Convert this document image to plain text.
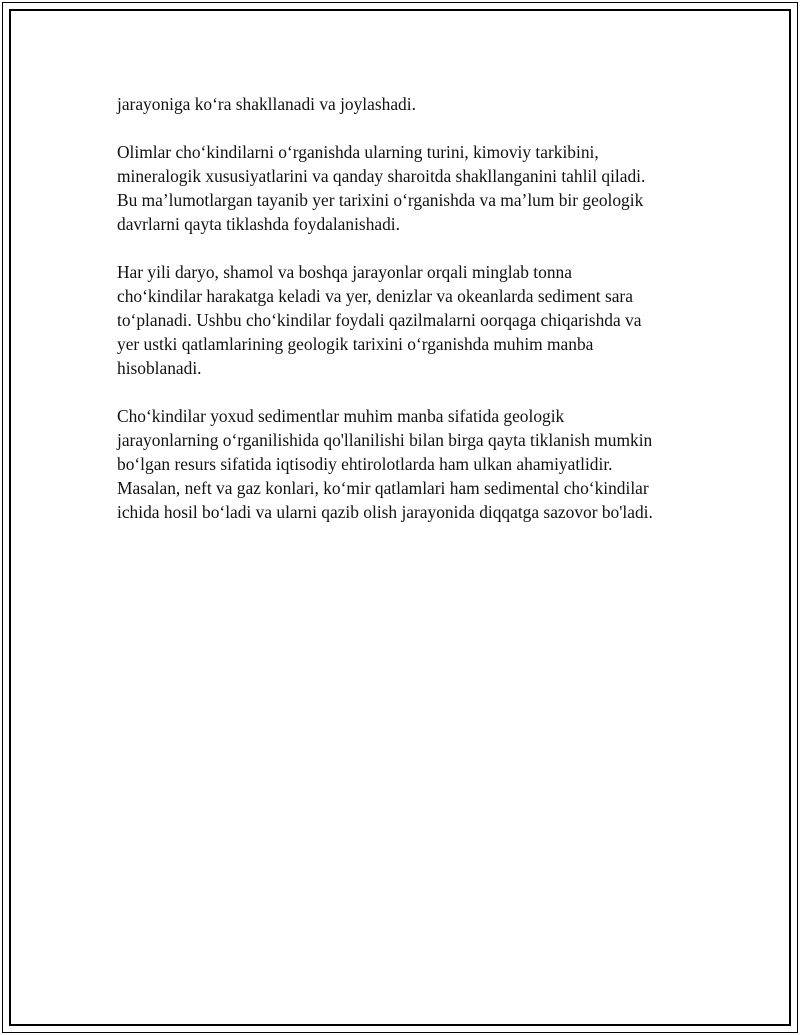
jarayoniga ko‘ra shakllanadi va joylashadi.

Olimlar cho‘kindilarni o‘rganishda ularning turini, kimoviy tarkibini,
mineralogik xususiyatlarini va qanday sharoitda shakllanganini tahlil qiladi.
Bu ma’lumotlargan tayanib yer tarixini o‘rganishda va ma’lum bir geologik
davrlarni qayta tiklashda foydalanishadi.

Har yili daryo, shamol va boshqa jarayonlar orqali minglab tonna
cho‘kindilar harakatga keladi va yer, denizlar va okeanlarda sediment sara
to‘planadi. Ushbu cho‘kindilar foydali qazilmalarni oorqaga chiqarishda va
yer ustki qatlamlarining geologik tarixini o‘rganishda muhim manba
hisoblanadi.

Cho‘kindilar yoxud sedimentlar muhim manba sifatida geologik
jarayonlarning o‘rganilishida qo'llanilishi bilan birga qayta tiklanish mumkin
bo‘lgan resurs sifatida iqtisodiy ehtirolotlarda ham ulkan ahamiyatlidir.
Masalan, neft va gaz konlari, ko‘mir qatlamlari ham sedimental cho‘kindilar
ichida hosil bo‘ladi va ularni qazib olish jarayonida diqqatga sazovor bo'ladi.
